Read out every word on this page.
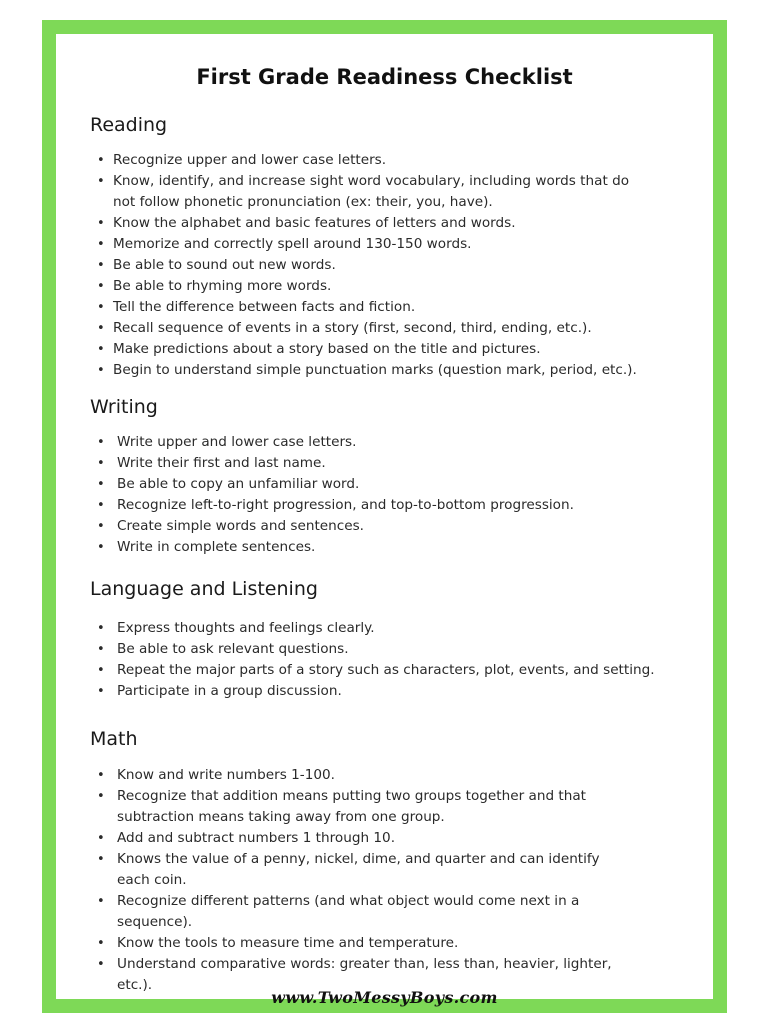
First Grade Readiness Checklist
Reading
• Recognize upper and lower case letters.
• Know, identify, and increase sight word vocabulary, including words that do not follow phonetic pronunciation (ex: their, you, have).
• Know the alphabet and basic features of letters and words.
• Memorize and correctly spell around 130-150 words.
• Be able to sound out new words.
• Be able to rhyming more words.
• Tell the difference between facts and fiction.
• Recall sequence of events in a story (first, second, third, ending, etc.).
• Make predictions about a story based on the title and pictures.
• Begin to understand simple punctuation marks (question mark, period, etc.).
Writing
• Write upper and lower case letters.
• Write their first and last name.
• Be able to copy an unfamiliar word.
• Recognize left-to-right progression, and top-to-bottom progression.
• Create simple words and sentences.
• Write in complete sentences.
Language and Listening
• Express thoughts and feelings clearly.
• Be able to ask relevant questions.
• Repeat the major parts of a story such as characters, plot, events, and setting.
• Participate in a group discussion.
Math
• Know and write numbers 1-100.
• Recognize that addition means putting two groups together and that subtraction means taking away from one group.
• Add and subtract numbers 1 through 10.
• Knows the value of a penny, nickel, dime, and quarter and can identify each coin.
• Recognize different patterns (and what object would come next in a sequence).
• Know the tools to measure time and temperature.
• Understand comparative words: greater than, less than, heavier, lighter, etc.).
www.TwoMessyBoys.com
